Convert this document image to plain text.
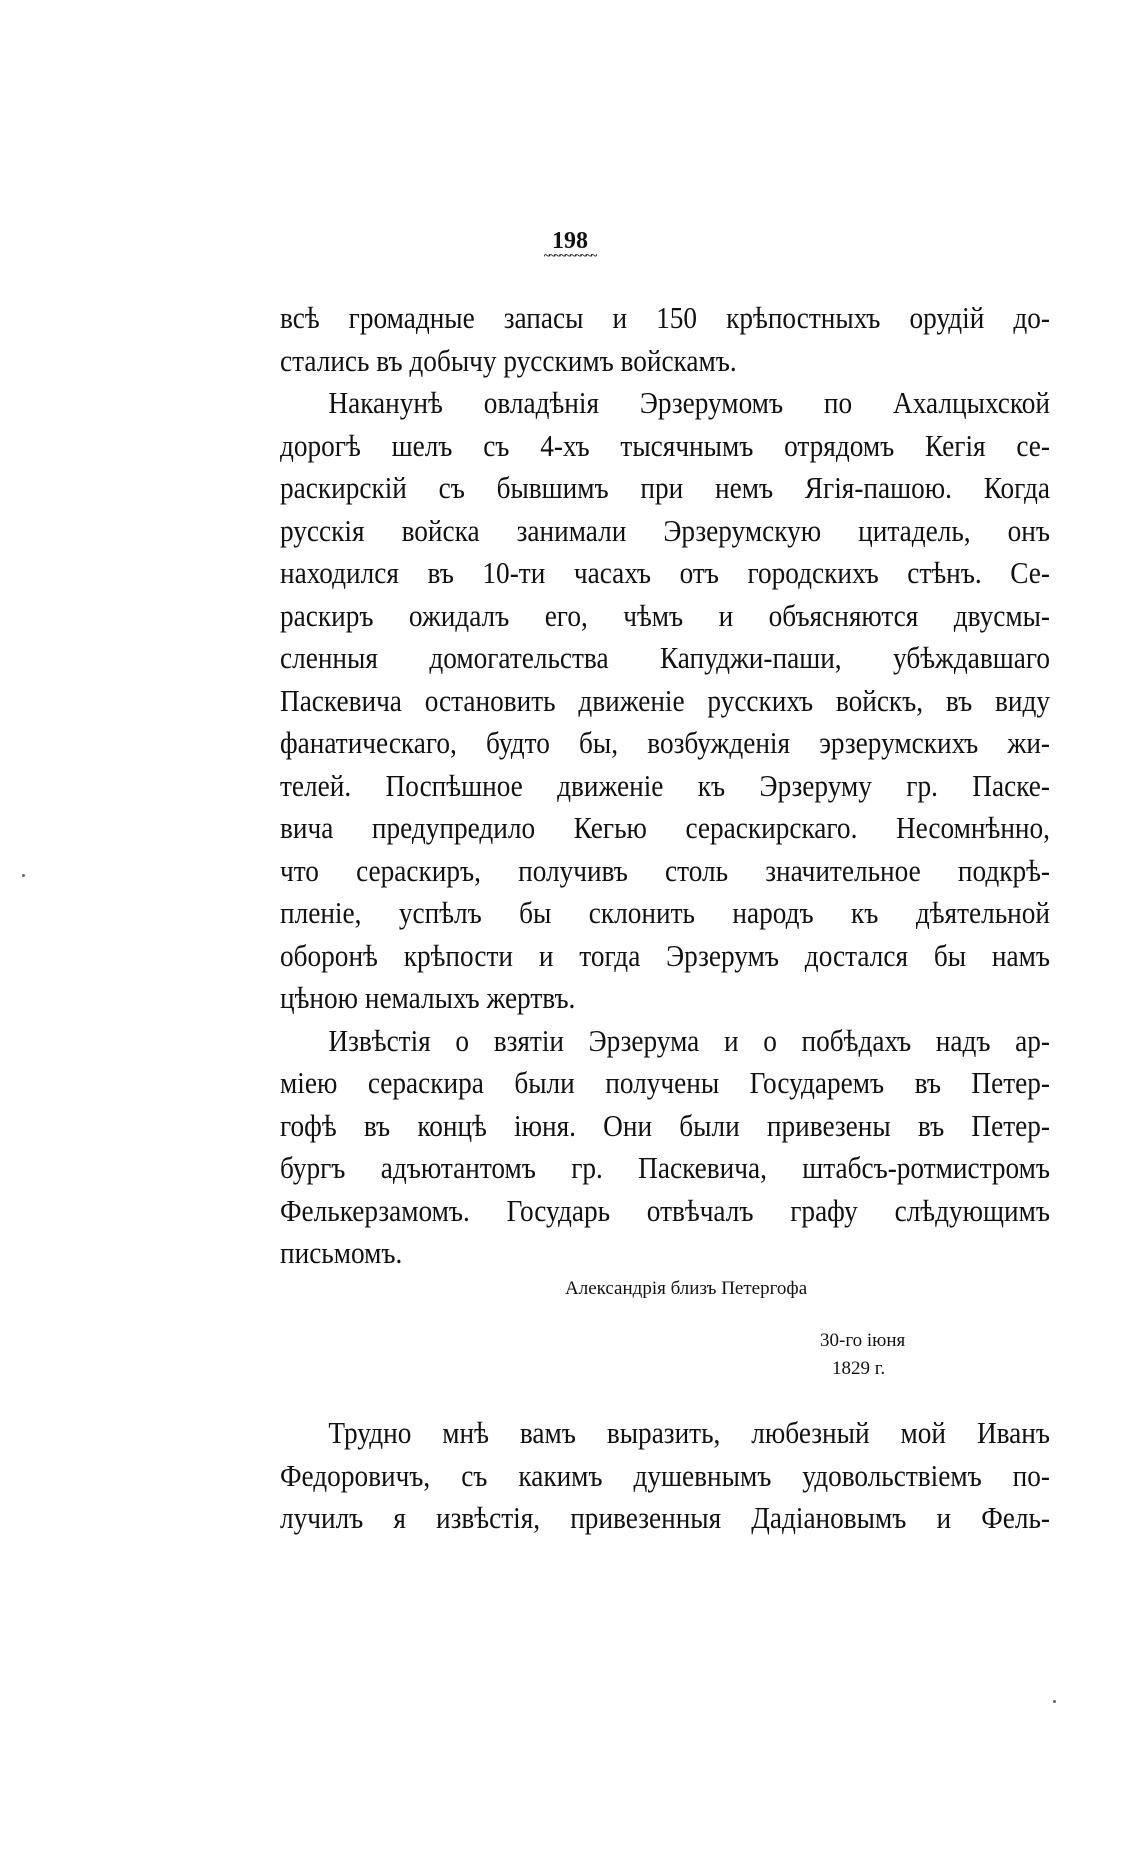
198
~~~~~~~~~~
всѣ громадные запасы и 150 крѣпостныхъ орудій до-
стались въ добычу русскимъ войскамъ.
Наканунѣ овладѣнія Эрзерумомъ по Ахалцыхской
дорогѣ шелъ съ 4-хъ тысячнымъ отрядомъ Кегія се-
раскирскій съ бывшимъ при немъ Ягія-пашою. Когда
русскія войска занимали Эрзерумскую цитадель, онъ
находился въ 10-ти часахъ отъ городскихъ стѣнъ. Се-
раскиръ ожидалъ его, чѣмъ и объясняются двусмы-
сленныя домогательства Капуджи-паши, убѣждавшаго
Паскевича остановить движеніе русскихъ войскъ, въ виду
фанатическаго, будто бы, возбужденія эрзерумскихъ жи-
телей. Поспѣшное движеніе къ Эрзеруму гр. Паске-
вича предупредило Кегью сераскирскаго. Несомнѣнно,
что сераскиръ, получивъ столь значительное подкрѣ-
пленіе, успѣлъ бы склонить народъ къ дѣятельной
оборонѣ крѣпости и тогда Эрзерумъ достался бы намъ
цѣною немалыхъ жертвъ.
Извѣстія о взятіи Эрзерума и о побѣдахъ надъ ар-
міею сераскира были получены Государемъ въ Петер-
гофѣ въ концѣ іюня. Они были привезены въ Петер-
бургъ адъютантомъ гр. Паскевича, штабсъ-ротмистромъ
Фелькерзамомъ. Государь отвѣчалъ графу слѣдующимъ
письмомъ.
Александрія близъ Петергофа
30-го іюня
1829 г.
Трудно мнѣ вамъ выразить, любезный мой Иванъ
Федоровичъ, съ какимъ душевнымъ удовольствіемъ по-
лучилъ я извѣстія, привезенныя Дадіановымъ и Фель-
